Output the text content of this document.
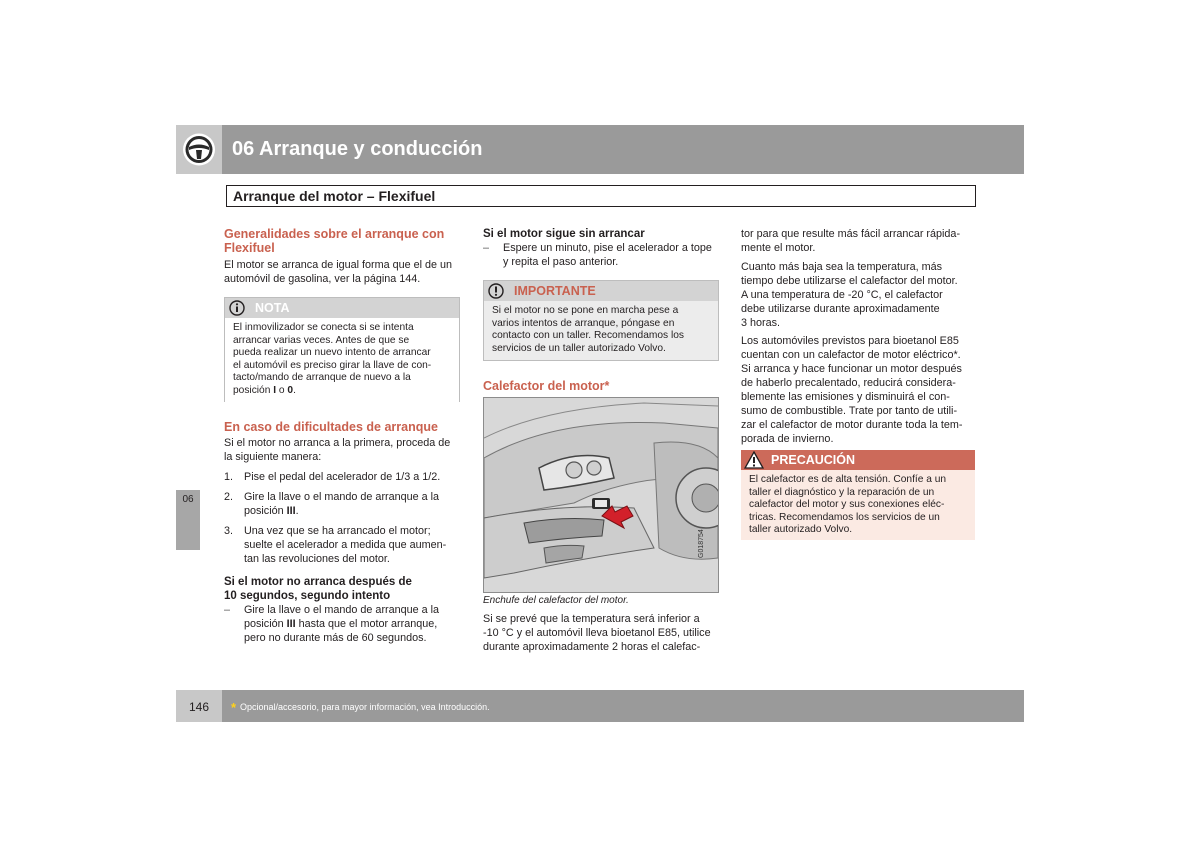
06 Arranque y conducción
Arranque del motor – Flexifuel
06
Generalidades sobre el arranque con Flexifuel
El motor se arranca de igual forma que el de un
automóvil de gasolina, ver la página 144.
NOTA
El inmovilizador se conecta si se intenta
arrancar varias veces. Antes de que se
pueda realizar un nuevo intento de arrancar
el automóvil es preciso girar la llave de con-
tacto/mando de arranque de nuevo a la
posición I o 0.
En caso de dificultades de arranque
Si el motor no arranca a la primera, proceda de
la siguiente manera:
1. Pise el pedal del acelerador de 1/3 a 1/2.
2. Gire la llave o el mando de arranque a la
posición III.
3. Una vez que se ha arrancado el motor;
suelte el acelerador a medida que aumen-
tan las revoluciones del motor.
Si el motor no arranca después de
10 segundos, segundo intento
– Gire la llave o el mando de arranque a la
posición III hasta que el motor arranque,
pero no durante más de 60 segundos.
Si el motor sigue sin arrancar
– Espere un minuto, pise el acelerador a tope
y repita el paso anterior.
IMPORTANTE
Si el motor no se pone en marcha pese a
varios intentos de arranque, póngase en
contacto con un taller. Recomendamos los
servicios de un taller autorizado Volvo.
Calefactor del motor*
G018754
Enchufe del calefactor del motor.
Si se prevé que la temperatura será inferior a
-10 °C y el automóvil lleva bioetanol E85, utilice
durante aproximadamente 2 horas el calefac-
tor para que resulte más fácil arrancar rápida-
mente el motor.
Cuanto más baja sea la temperatura, más
tiempo debe utilizarse el calefactor del motor.
A una temperatura de -20 °C, el calefactor
debe utilizarse durante aproximadamente
3 horas.
Los automóviles previstos para bioetanol E85
cuentan con un calefactor de motor eléctrico*.
Si arranca y hace funcionar un motor después
de haberlo precalentado, reducirá considera-
blemente las emisiones y disminuirá el con-
sumo de combustible. Trate por tanto de utili-
zar el calefactor de motor durante toda la tem-
porada de invierno.
PRECAUCIÓN
El calefactor es de alta tensión. Confíe a un
taller el diagnóstico y la reparación de un
calefactor del motor y sus conexiones eléc-
tricas. Recomendamos los servicios de un
taller autorizado Volvo.
146	* Opcional/accesorio, para mayor información, vea Introducción.
